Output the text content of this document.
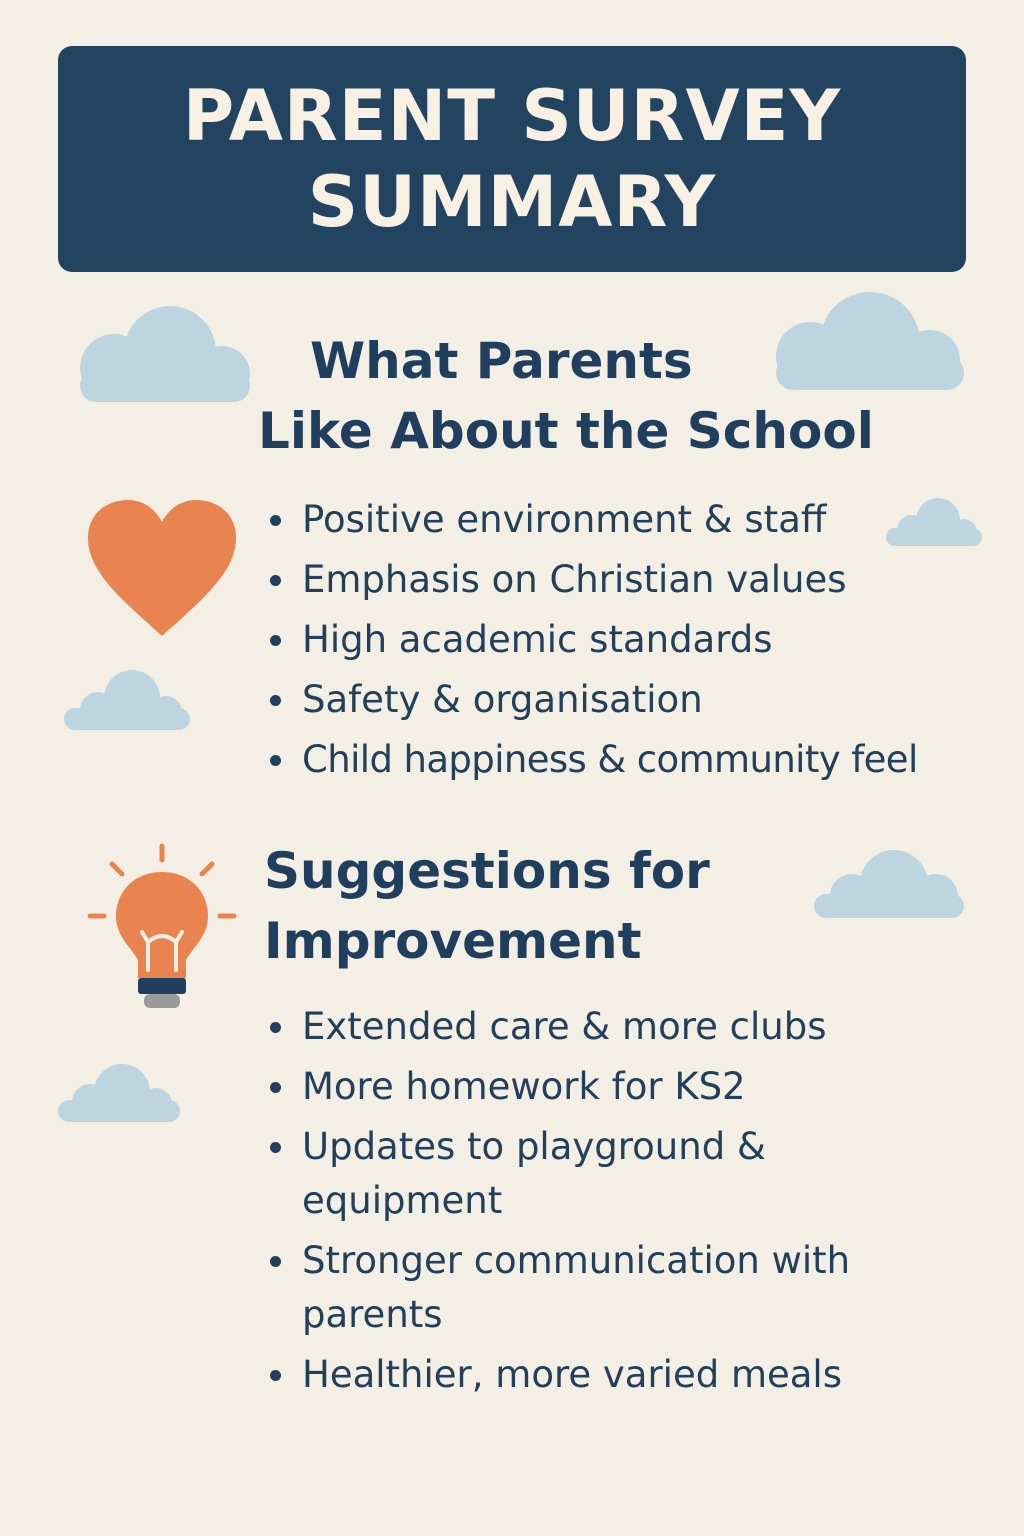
PARENT SURVEY
SUMMARY
What Parents
Like About the School
Positive environment & staff
Emphasis on Christian values
High academic standards
Safety & organisation
Child happiness & community feel
Suggestions for
Improvement
Extended care & more clubs
More homework for KS2
Updates to playground &
equipment
Stronger communication with
parents
Healthier, more varied meals
